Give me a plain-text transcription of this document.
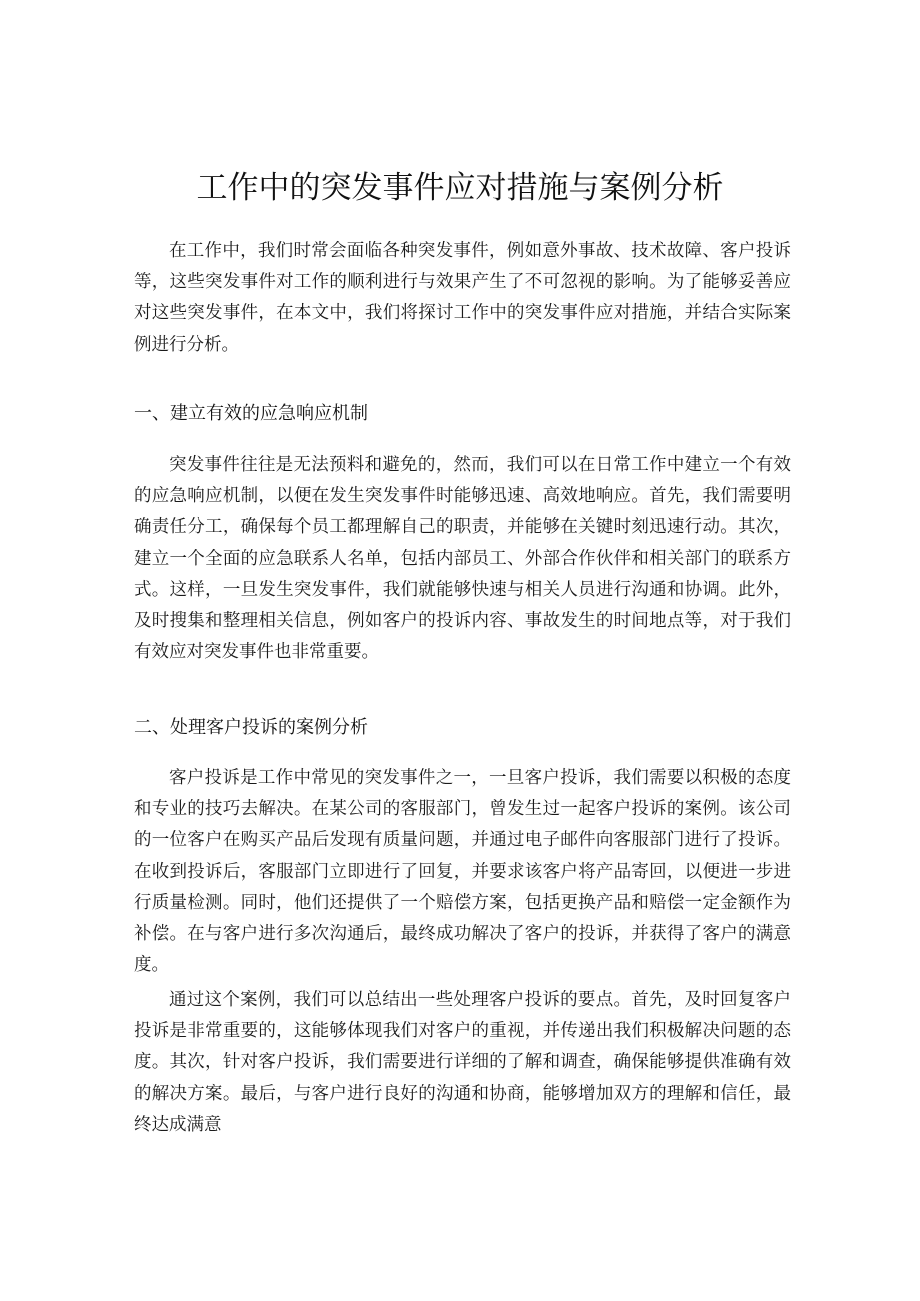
工作中的突发事件应对措施与案例分析

在工作中，我们时常会面临各种突发事件，例如意外事故、技术故障、客户投诉等，这些突发事件对工作的顺利进行与效果产生了不可忽视的影响。为了能够妥善应对这些突发事件，在本文中，我们将探讨工作中的突发事件应对措施，并结合实际案例进行分析。

一、建立有效的应急响应机制

突发事件往往是无法预料和避免的，然而，我们可以在日常工作中建立一个有效的应急响应机制，以便在发生突发事件时能够迅速、高效地响应。首先，我们需要明确责任分工，确保每个员工都理解自己的职责，并能够在关键时刻迅速行动。其次，建立一个全面的应急联系人名单，包括内部员工、外部合作伙伴和相关部门的联系方式。这样，一旦发生突发事件，我们就能够快速与相关人员进行沟通和协调。此外，及时搜集和整理相关信息，例如客户的投诉内容、事故发生的时间地点等，对于我们有效应对突发事件也非常重要。

二、处理客户投诉的案例分析

客户投诉是工作中常见的突发事件之一，一旦客户投诉，我们需要以积极的态度和专业的技巧去解决。在某公司的客服部门，曾发生过一起客户投诉的案例。该公司的一位客户在购买产品后发现有质量问题，并通过电子邮件向客服部门进行了投诉。在收到投诉后，客服部门立即进行了回复，并要求该客户将产品寄回，以便进一步进行质量检测。同时，他们还提供了一个赔偿方案，包括更换产品和赔偿一定金额作为补偿。在与客户进行多次沟通后，最终成功解决了客户的投诉，并获得了客户的满意度。

通过这个案例，我们可以总结出一些处理客户投诉的要点。首先，及时回复客户投诉是非常重要的，这能够体现我们对客户的重视，并传递出我们积极解决问题的态度。其次，针对客户投诉，我们需要进行详细的了解和调查，确保能够提供准确有效的解决方案。最后，与客户进行良好的沟通和协商，能够增加双方的理解和信任，最终达成满意
